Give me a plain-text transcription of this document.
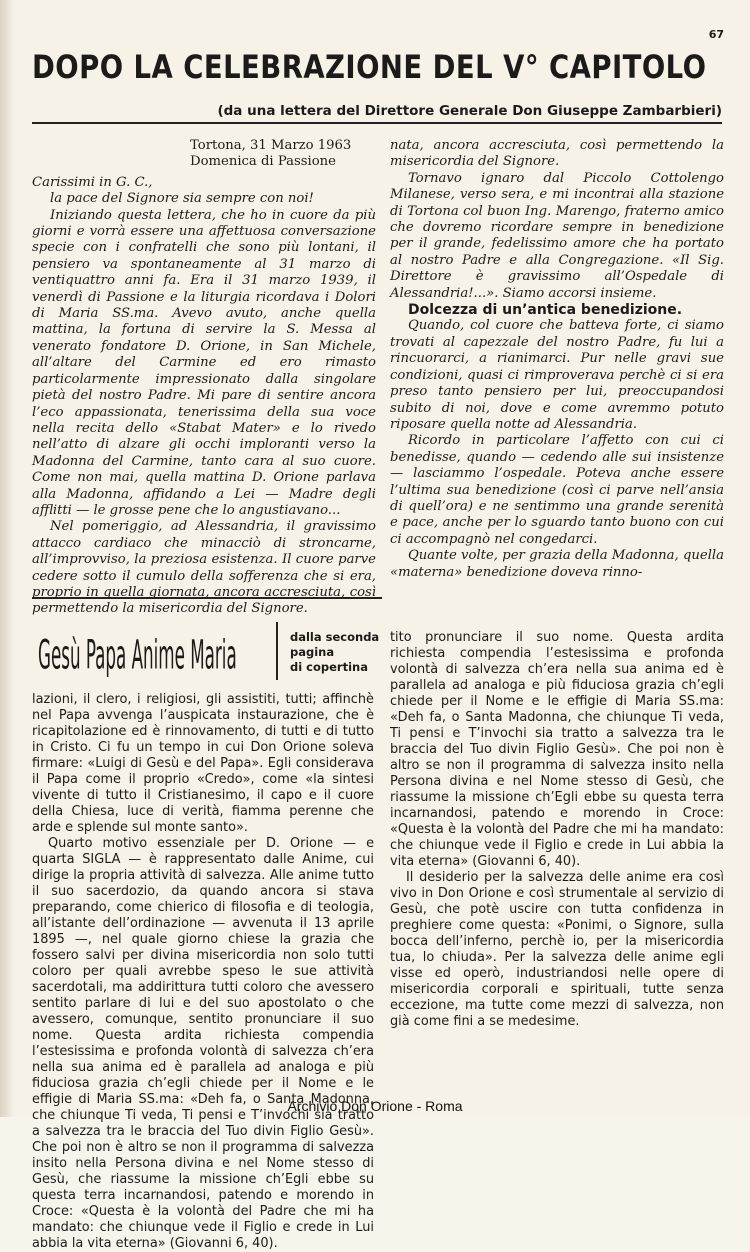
67
DOPO LA CELEBRAZIONE DEL V° CAPITOLO
(da una lettera del Direttore Generale Don Giuseppe Zambarbieri)
Tortona, 31 Marzo 1963
Domenica di Passione

Carissimi in G. C.,

la pace del Signore sia sempre con noi!

Iniziando questa lettera, che ho in cuore da più giorni e vorrà essere una affettuosa conversazione specie con i confratelli che sono più lontani, il pensiero va spontaneamente al 31 marzo di ventiquattro anni fa. Era il 31 marzo 1939, il venerdì di Passione e la liturgia ricordava i Dolori di Maria SS.ma. Avevo avuto, anche quella mattina, la fortuna di servire la S. Messa al venerato fondatore D. Orione, in San Michele, all’altare del Carmine ed ero rimasto particolarmente impressionato dalla singolare pietà del nostro Padre. Mi pare di sentire ancora l’eco appassionata, tenerissima della sua voce nella recita dello «Stabat Mater» e lo rivedo nell’atto di alzare gli occhi imploranti verso la Madonna del Carmine, tanto cara al suo cuore. Come non mai, quella mattina D. Orione parlava alla Madonna, affidando a Lei — Madre degli afflitti — le grosse pene che lo angustiavano...

Nel pomeriggio, ad Alessandria, il gravissimo attacco cardiaco che minacciò di stroncarne, all’improvviso, la preziosa esistenza. Il cuore parve cedere sotto il cumulo della sofferenza che si era, proprio in quella giornata, ancora accresciuta, così permettendo la misericordia del Signore.

nata, ancora accresciuta, così permettendo la misericordia del Signore.

Tornavo ignaro dal Piccolo Cottolengo Milanese, verso sera, e mi incontrai alla stazione di Tortona col buon Ing. Marengo, fraterno amico che dovremo ricordare sempre in benedizione per il grande, fedelissimo amore che ha portato al nostro Padre e alla Congregazione. «Il Sig. Direttore è gravissimo all’Ospedale di Alessandria!...». Siamo accorsi insieme.

Dolcezza di un’antica benedizione.

Quando, col cuore che batteva forte, ci siamo trovati al capezzale del nostro Padre, fu lui a rincuorarci, a rianimarci. Pur nelle gravi sue condizioni, quasi ci rimproverava perchè ci si era preso tanto pensiero per lui, preoccupandosi subito di noi, dove e come avremmo potuto riposare quella notte ad Alessandria.

Ricordo in particolare l’affetto con cui ci benedisse, quando — cedendo alle sui insistenze — lasciammo l’ospedale. Poteva anche essere l’ultima sua benedizione (così ci parve nell’ansia di quell’ora) e ne sentimmo una grande serenità e pace, anche per lo sguardo tanto buono con cui ci accompagnò nel congedarci.

Quante volte, per grazia della Madonna, quella «materna» benedizione doveva rinno-

Gesù Papa Anime Maria	dalla seconda
pagina
di copertina

lazioni, il clero, i religiosi, gli assistiti, tutti; affinchè nel Papa avvenga l’auspicata instaurazione, che è ricapitolazione ed è rinnovamento, di tutti e di tutto in Cristo. Ci fu un tempo in cui Don Orione soleva firmare: «Luigi di Gesù e del Papa». Egli considerava il Papa come il proprio «Credo», come «la sintesi vivente di tutto il Cristianesimo, il capo e il cuore della Chiesa, luce di verità, fiamma perenne che arde e splende sul monte santo».

Quarto motivo essenziale per D. Orione — e quarta SIGLA — è rappresentato dalle Anime, cui dirige la propria attività di salvezza. Alle anime tutto il suo sacerdozio, da quando ancora si stava preparando, come chierico di filosofia e di teologia, all’istante dell’ordinazione — avvenuta il 13 aprile 1895 —, nel quale giorno chiese la grazia che fossero salvi per divina misericordia non solo tutti coloro per quali avrebbe speso le sue attività sacerdotali, ma addirittura tutti coloro che avessero sentito parlare di lui e del suo apostolato o che avessero, comunque, sentito pronunciare il suo nome. Questa ardita richiesta compendia l’estesissima e profonda volontà di salvezza ch’era nella sua anima ed è parallela ad analoga e più fiduciosa grazia ch’egli chiede per il Nome e le effigie di Maria SS.ma: «Deh fa, o Santa Madonna, che chiunque Ti veda, Ti pensi e T’invochi sia tratto a salvezza tra le braccia del Tuo divin Figlio Gesù». Che poi non è altro se non il programma di salvezza insito nella Persona divina e nel Nome stesso di Gesù, che riassume la missione ch’Egli ebbe su questa terra incarnandosi, patendo e morendo in Croce: «Questa è la volontà del Padre che mi ha mandato: che chiunque vede il Figlio e crede in Lui abbia la vita eterna» (Giovanni 6, 40).

tito pronunciare il suo nome. Questa ardita richiesta compendia l’estesissima e profonda volontà di salvezza ch’era nella sua anima ed è parallela ad analoga e più fiduciosa grazia ch’egli chiede per il Nome e le effigie di Maria SS.ma: «Deh fa, o Santa Madonna, che chiunque Ti veda, Ti pensi e T’invochi sia tratto a salvezza tra le braccia del Tuo divin Figlio Gesù». Che poi non è altro se non il programma di salvezza insito nella Persona divina e nel Nome stesso di Gesù, che riassume la missione ch’Egli ebbe su questa terra incarnandosi, patendo e morendo in Croce: «Questa è la volontà del Padre che mi ha mandato: che chiunque vede il Figlio e crede in Lui abbia la vita eterna» (Giovanni 6, 40).

Il desiderio per la salvezza delle anime era così vivo in Don Orione e così strumentale al servizio di Gesù, che potè uscire con tutta confidenza in preghiere come questa: «Ponimi, o Signore, sulla bocca dell’inferno, perchè io, per la misericordia tua, lo chiuda». Per la salvezza delle anime egli visse ed operò, industriandosi nelle opere di misericordia corporali e spirituali, tutte senza eccezione, ma tutte come mezzi di salvezza, non già come fini a se medesime.

Archivio Don Orione - Roma
